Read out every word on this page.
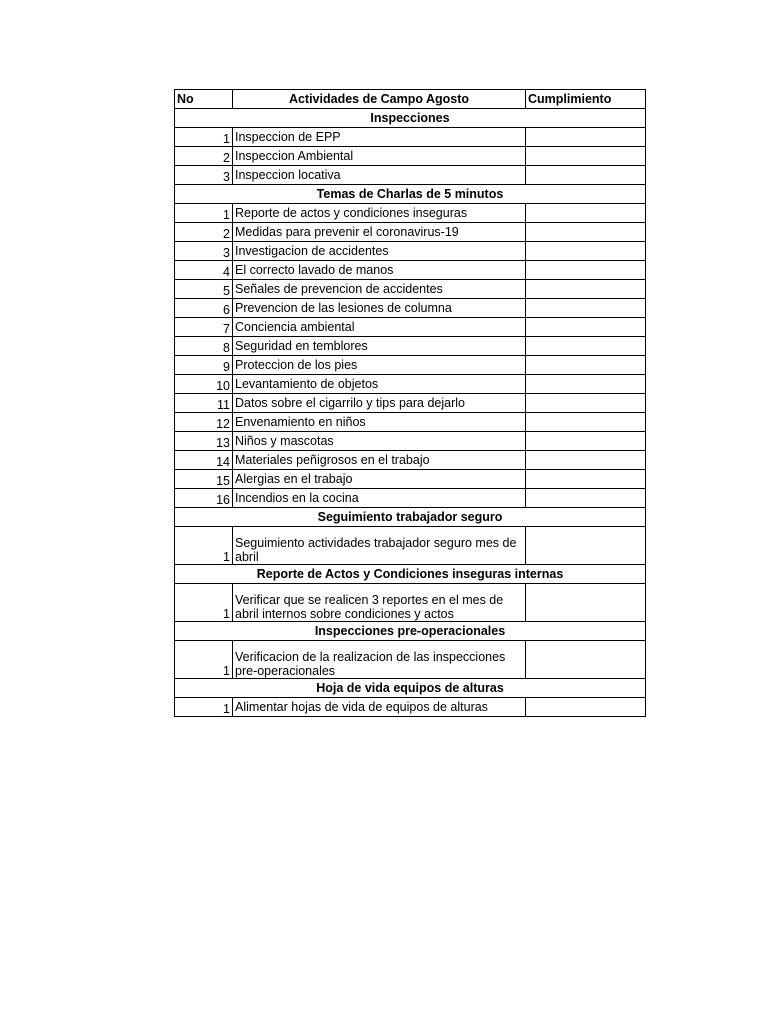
No	Actividades de Campo Agosto	Cumplimiento
Inspecciones		
1	Inspeccion de EPP	
2	Inspeccion Ambiental	
3	Inspeccion locativa	
Temas de Charlas de 5 minutos		
1	Reporte de actos y condiciones inseguras	
2	Medidas para prevenir el coronavirus-19	
3	Investigacion de accidentes	
4	El correcto lavado de manos	
5	Señales de prevencion de accidentes	
6	Prevencion de las lesiones de columna	
7	Conciencia ambiental	
8	Seguridad en temblores	
9	Proteccion de los pies	
10	Levantamiento de objetos	
11	Datos sobre el cigarrilo y tips para dejarlo	
12	Envenamiento en niños	
13	Niños y mascotas	
14	Materiales peñigrosos en el trabajo	
15	Alergias en el trabajo	
16	Incendios en la cocina	
Seguimiento trabajador seguro		
1	Seguimiento actividades trabajador seguro mes de abril	
Reporte de Actos y Condiciones inseguras internas		
1	Verificar que se realicen 3 reportes en el mes de abril internos sobre condiciones y actos	
Inspecciones pre-operacionales		
1	Verificacion de la realizacion de las inspecciones pre-operacionales	
Hoja de vida equipos de alturas		
1	Alimentar hojas de vida de equipos de alturas	
